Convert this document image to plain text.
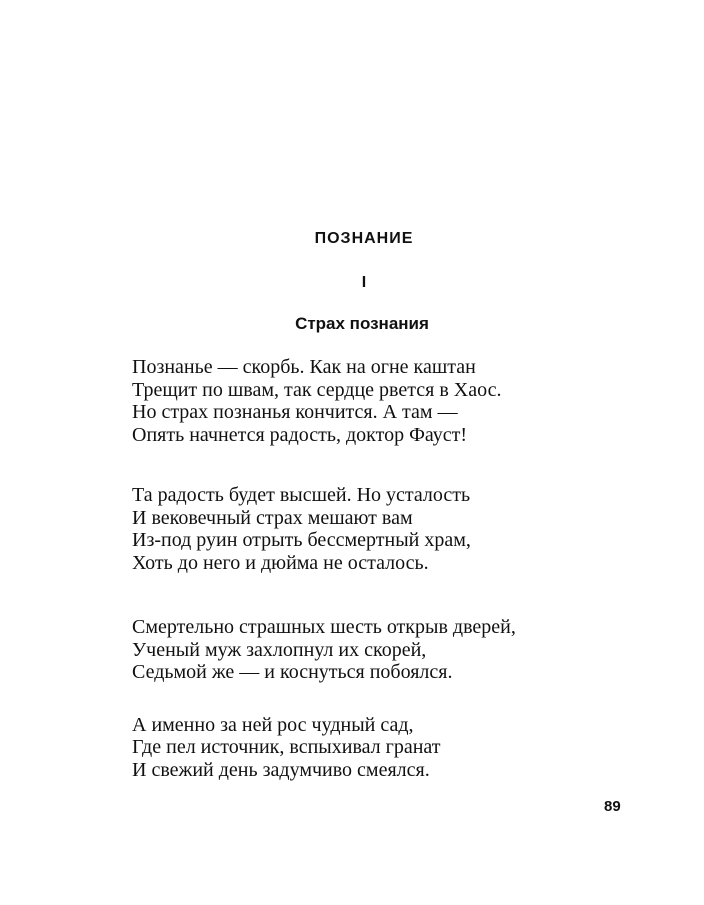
ПОЗНАНИЕ
I
Страх познания
Познанье — скорбь. Как на огне каштан
Трещит по швам, так сердце рвется в Хаос.
Но страх познанья кончится. А там —
Опять начнется радость, доктор Фауст!
Та радость будет высшей. Но усталость
И вековечный страх мешают вам
Из-под руин отрыть бессмертный храм,
Хоть до него и дюйма не осталось.
Смертельно страшных шесть открыв дверей,
Ученый муж захлопнул их скорей,
Седьмой же — и коснуться побоялся.
А именно за ней рос чудный сад,
Где пел источник, вспыхивал гранат
И свежий день задумчиво смеялся.
89
